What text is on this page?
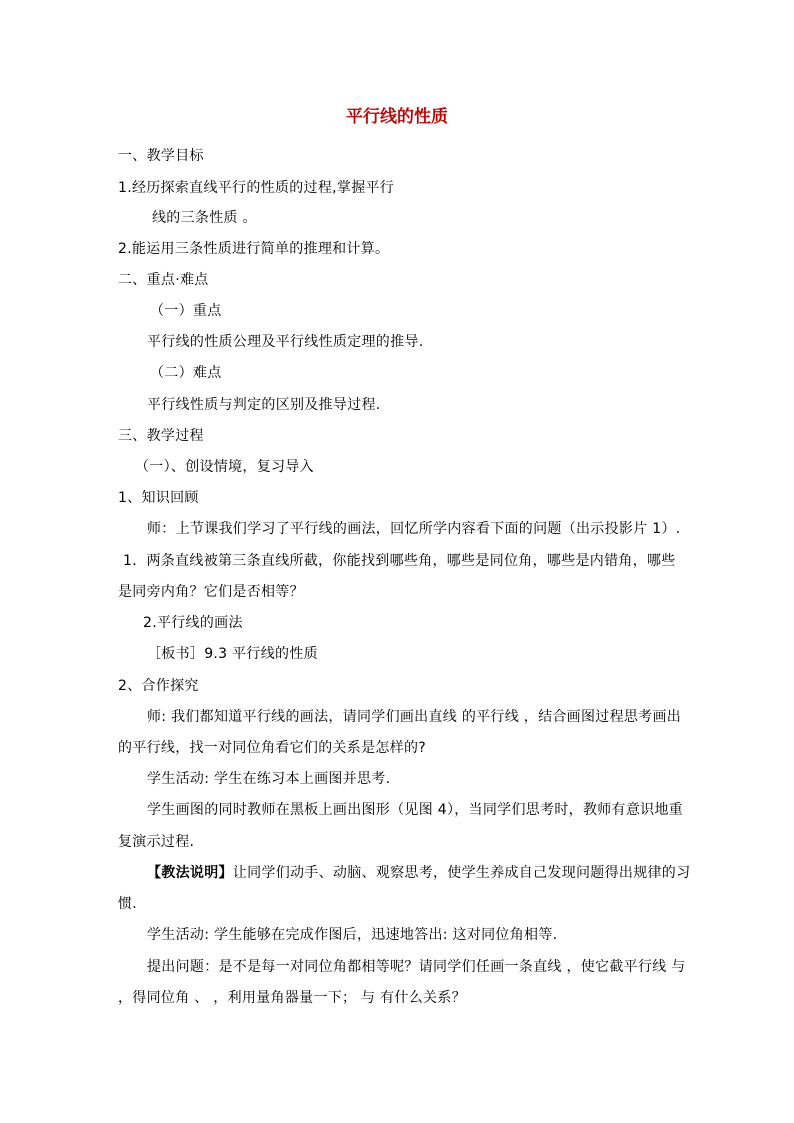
平行线的性质
一、教学目标
1.经历探索直线平行的性质的过程,掌握平行
线的三条性质 。
2.能运用三条性质进行简单的推理和计算。
二、重点·难点
（一）重点
平行线的性质公理及平行线性质定理的推导.
（二）难点
平行线性质与判定的区别及推导过程.
三、教学过程
（一）、创设情境，复习导入
1、知识回顾
师：上节课我们学习了平行线的画法，回忆所学内容看下面的问题（出示投影片 1）.
1．两条直线被第三条直线所截，你能找到哪些角，哪些是同位角，哪些是内错角，哪些
是同旁内角？它们是否相等？
2.平行线的画法
［板书］9.3 平行线的性质
2、合作探究
师: 我们都知道平行线的画法，请同学们画出直线 的平行线 ，结合画图过程思考画出
的平行线，找一对同位角看它们的关系是怎样的?
学生活动: 学生在练习本上画图并思考.
学生画图的同时教师在黑板上画出图形（见图 4），当同学们思考时，教师有意识地重
复演示过程.
【教法说明】让同学们动手、动脑、观察思考，使学生养成自己发现问题得出规律的习
惯.
学生活动: 学生能够在完成作图后，迅速地答出: 这对同位角相等.
提出问题：是不是每一对同位角都相等呢？请同学们任画一条直线 ，使它截平行线 与
，得同位角 、 ，利用量角器量一下； 与 有什么关系？
